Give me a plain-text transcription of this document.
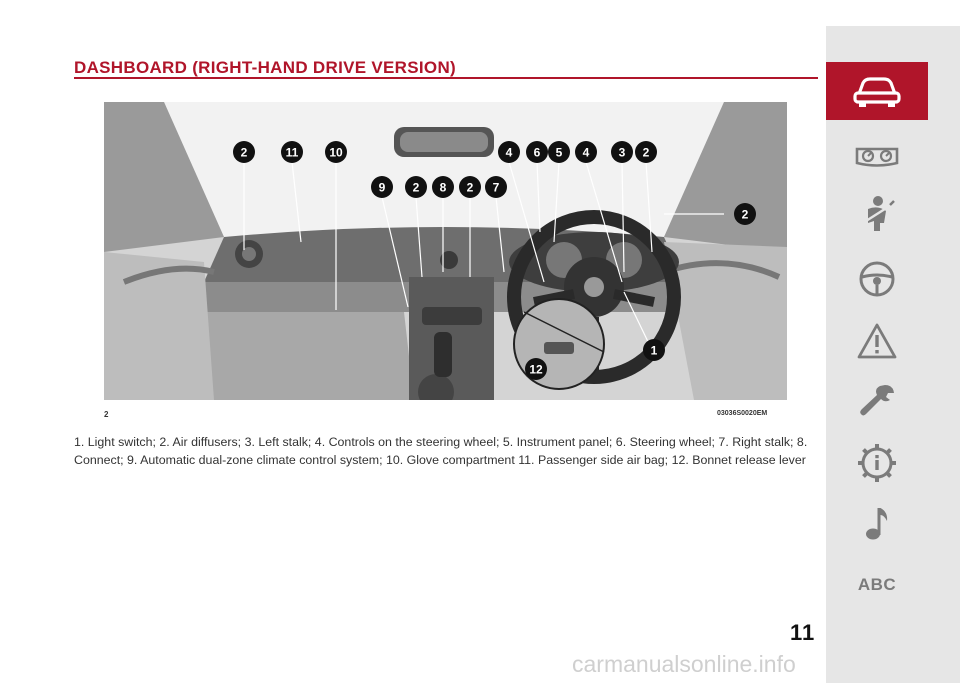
DASHBOARD (RIGHT-HAND DRIVE VERSION)
2	11	10
9 2 8 2 7
4 6 5 4 3 2
2
1
12
2	03036S0020EM
1. Light switch; 2. Air diffusers; 3. Left stalk; 4. Controls on the steering wheel; 5. Instrument panel; 6. Steering wheel; 7. Right stalk; 8. Connect; 9. Automatic dual-zone climate control system; 10. Glove compartment 11. Passenger side air bag; 12. Bonnet release lever
ABC
11
carmanualsonline.info
